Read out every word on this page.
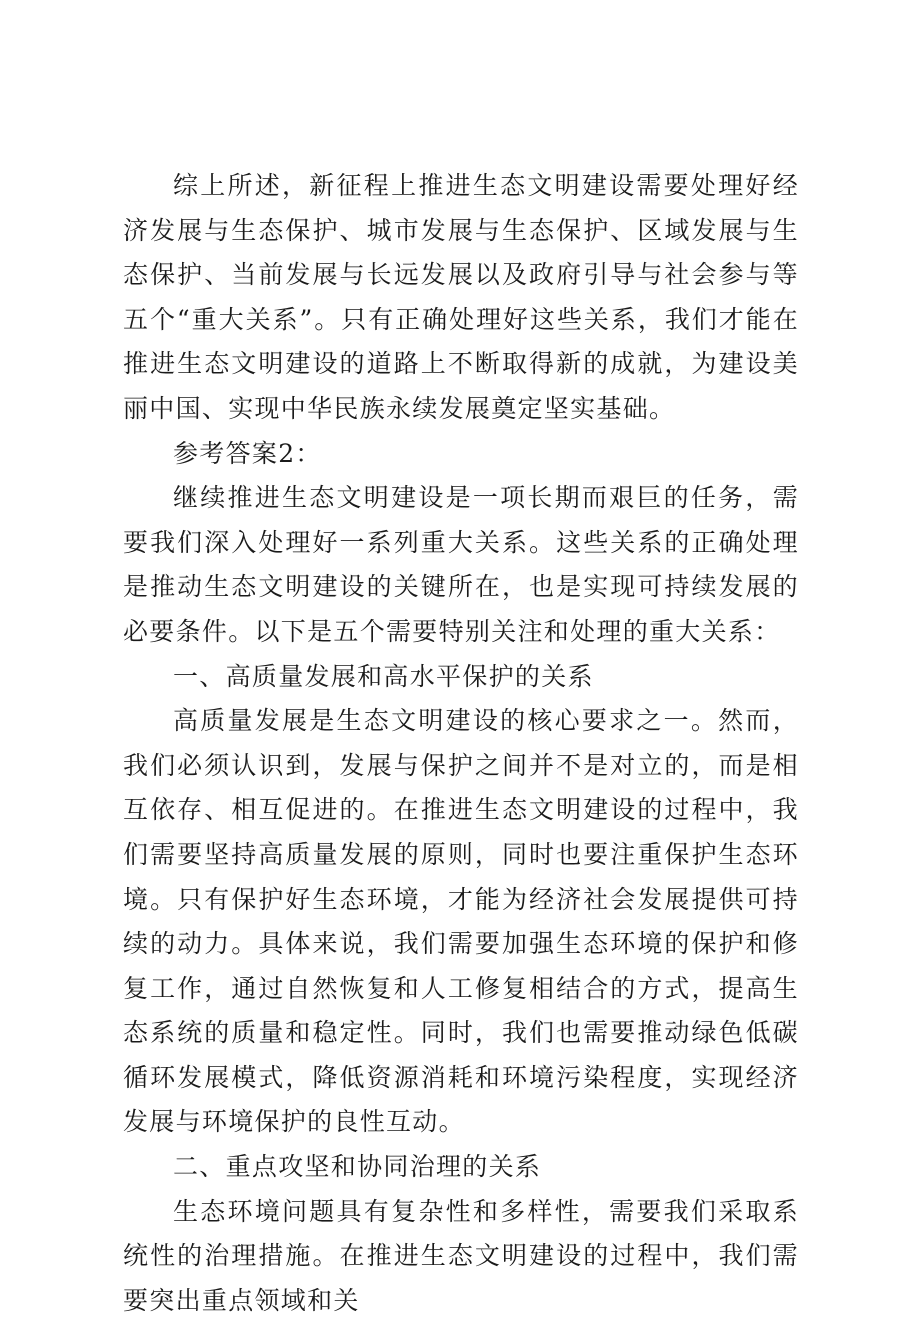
综上所述，新征程上推进生态文明建设需要处理好经济发展与生态保护、城市发展与生态保护、区域发展与生态保护、当前发展与长远发展以及政府引导与社会参与等五个“重大关系”。只有正确处理好这些关系，我们才能在推进生态文明建设的道路上不断取得新的成就，为建设美丽中国、实现中华民族永续发展奠定坚实基础。

参考答案2：

继续推进生态文明建设是一项长期而艰巨的任务，需要我们深入处理好一系列重大关系。这些关系的正确处理是推动生态文明建设的关键所在，也是实现可持续发展的必要条件。以下是五个需要特别关注和处理的重大关系：

一、高质量发展和高水平保护的关系

高质量发展是生态文明建设的核心要求之一。然而，我们必须认识到，发展与保护之间并不是对立的，而是相互依存、相互促进的。在推进生态文明建设的过程中，我们需要坚持高质量发展的原则，同时也要注重保护生态环境。只有保护好生态环境，才能为经济社会发展提供可持续的动力。具体来说，我们需要加强生态环境的保护和修复工作，通过自然恢复和人工修复相结合的方式，提高生态系统的质量和稳定性。同时，我们也需要推动绿色低碳循环发展模式，降低资源消耗和环境污染程度，实现经济发展与环境保护的良性互动。

二、重点攻坚和协同治理的关系

生态环境问题具有复杂性和多样性，需要我们采取系统性的治理措施。在推进生态文明建设的过程中，我们需要突出重点领域和关
